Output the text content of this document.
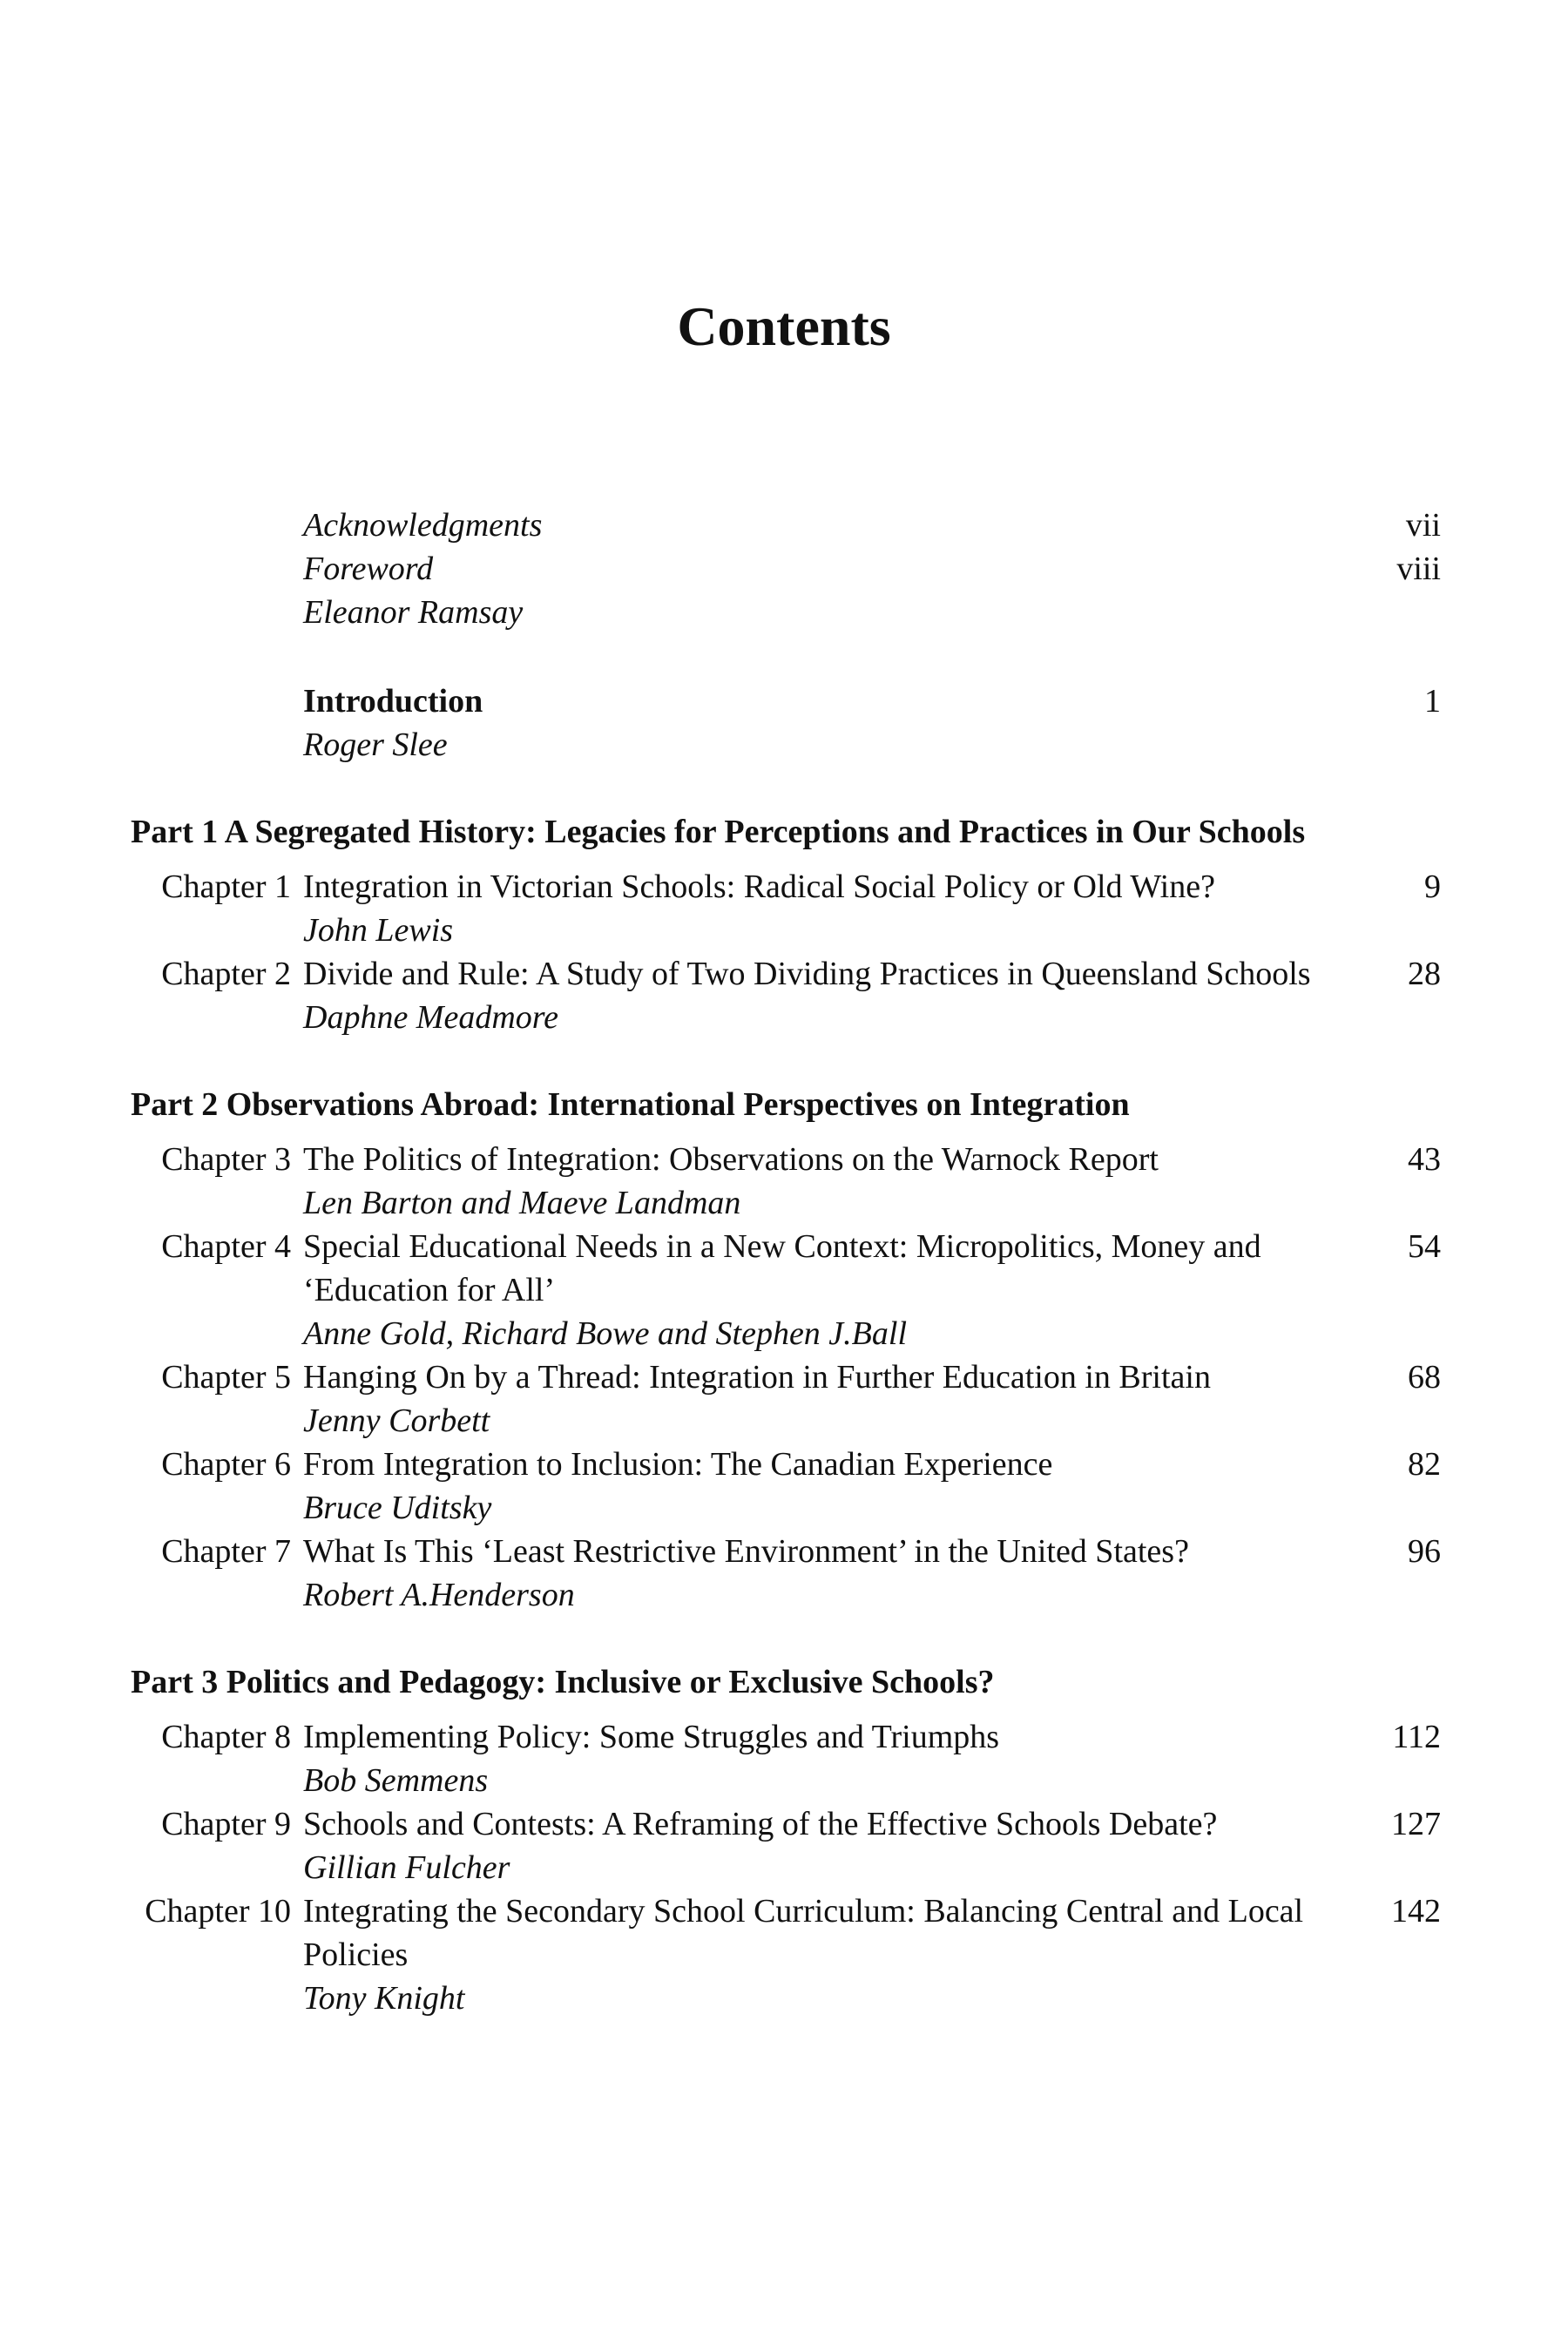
Contents
Acknowledgments	vii
Foreword
Eleanor Ramsay
viii
Introduction
Roger Slee
1
Part 1 A Segregated History: Legacies for Perceptions and Practices in Our Schools
Chapter 1 Integration in Victorian Schools: Radical Social Policy or Old Wine?
John Lewis
9
Chapter 2 Divide and Rule: A Study of Two Dividing Practices in Queensland Schools
Daphne Meadmore
28
Part 2 Observations Abroad: International Perspectives on Integration
Chapter 3 The Politics of Integration: Observations on the Warnock Report
Len Barton and Maeve Landman
43
Chapter 4 Special Educational Needs in a New Context: Micropolitics, Money and ‘Education for All’
Anne Gold, Richard Bowe and Stephen J.Ball
54
Chapter 5 Hanging On by a Thread: Integration in Further Education in Britain
Jenny Corbett
68
Chapter 6 From Integration to Inclusion: The Canadian Experience
Bruce Uditsky
82
Chapter 7 What Is This ‘Least Restrictive Environment’ in the United States?
Robert A.Henderson
96
Part 3 Politics and Pedagogy: Inclusive or Exclusive Schools?
Chapter 8 Implementing Policy: Some Struggles and Triumphs
Bob Semmens
112
Chapter 9 Schools and Contests: A Reframing of the Effective Schools Debate?
Gillian Fulcher
127
Chapter 10 Integrating the Secondary School Curriculum: Balancing Central and Local Policies
Tony Knight
142
